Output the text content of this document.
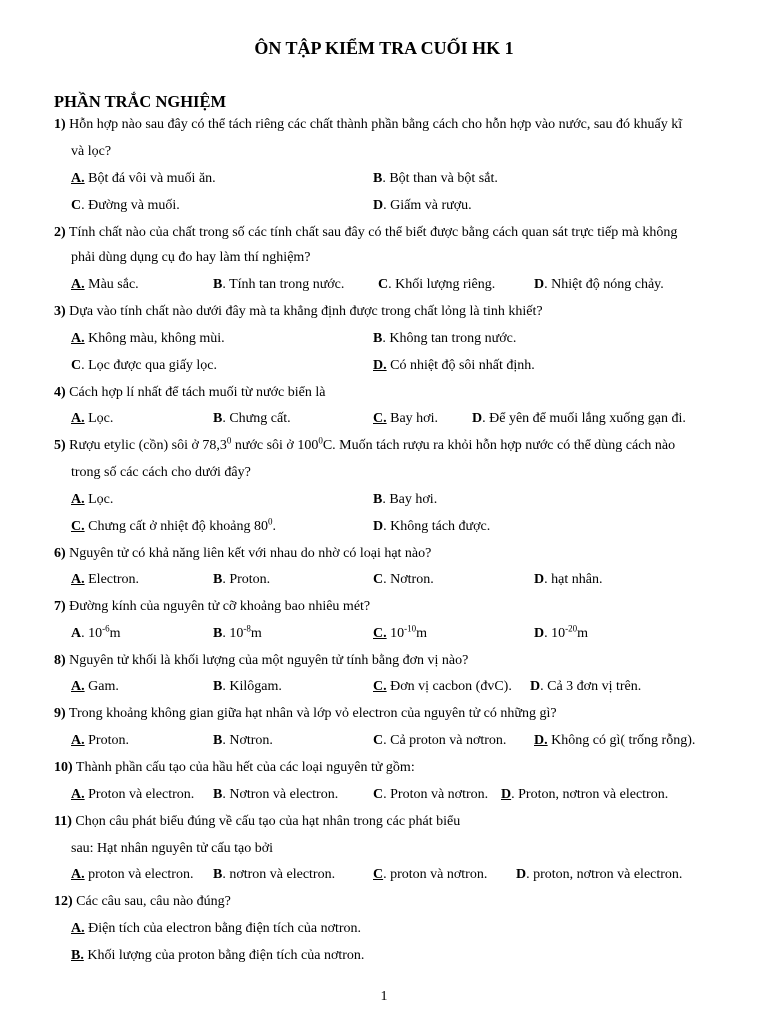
ÔN TẬP KIỂM TRA CUỐI HK 1
PHẦN TRẮC NGHIỆM
1) Hỗn hợp nào sau đây có thể tách riêng các chất thành phần bằng cách cho hỗn hợp vào nước, sau đó khuấy kĩ
và lọc?
A. Bột đá vôi và muối ăn.	B. Bột than và bột sắt.
C. Đường và muối.	D. Giấm và rượu.
2) Tính chất nào của chất trong số các tính chất sau đây có thể biết được bằng cách quan sát trực tiếp mà không
phải dùng dụng cụ đo hay làm thí nghiệm?
A. Màu sắc.	B. Tính tan trong nước. C. Khối lượng riêng.	D. Nhiệt độ nóng chảy.
3) Dựa vào tính chất nào dưới đây mà ta khẳng định được trong chất lỏng là tinh khiết?
A. Không màu, không mùi.	B. Không tan trong nước.
C. Lọc được qua giấy lọc.	D. Có nhiệt độ sôi nhất định.
4) Cách hợp lí nhất để tách muối từ nước biển là
A. Lọc.	B. Chưng cất.	C. Bay hơi. D. Để yên để muối lắng xuống gạn đi.
5) Rượu etylic (cồn) sôi ở 78,3$^0$ nước sôi ở $100^0C$. Muốn tách rượu ra khỏi hỗn hợp nước có thể dùng cách nào
trong số các cách cho dưới đây?
A. Lọc.	B. Bay hơi.
C. Chưng cất ở nhiệt độ khoảng $80^0$.	D. Không tách được.
6) Nguyên tử có khả năng liên kết với nhau do nhờ có loại hạt nào?
A. Electron.	B. Proton.	C. Nơtron.	D. hạt nhân.
7) Đường kính của nguyên tử cỡ khoảng bao nhiêu mét?
A. $10^{-6}m$	B. $10^{-8}m$	C. $10^{-10}m$	D. $10^{-20}m$
8) Nguyên tử khối là khối lượng của một nguyên tử tính bằng đơn vị nào?
A. Gam.	B. Kilôgam.	C. Đơn vị cacbon (đvC). D. Cả 3 đơn vị trên.
9) Trong khoảng không gian giữa hạt nhân và lớp vỏ electron của nguyên tử có những gì?
A. Proton.	B. Nơtron.	C. Cả proton và nơtron. D. Không có gì( trống rỗng).
10) Thành phần cấu tạo của hầu hết của các loại nguyên tử gồm:
A. Proton và electron. B. Nơtron và electron. C. Proton và nơtron. D. Proton, nơtron và electron.
11) Chọn câu phát biểu đúng về cấu tạo của hạt nhân trong các phát biểu
sau: Hạt nhân nguyên tử cấu tạo bởi
A. proton và electron. B. nơtron và electron.	C. proton và nơtron. D. proton, nơtron và electron.
12) Các câu sau, câu nào đúng?
A. Điện tích của electron bằng điện tích của nơtron.
B. Khối lượng của proton bằng điện tích của nơtron.
1
